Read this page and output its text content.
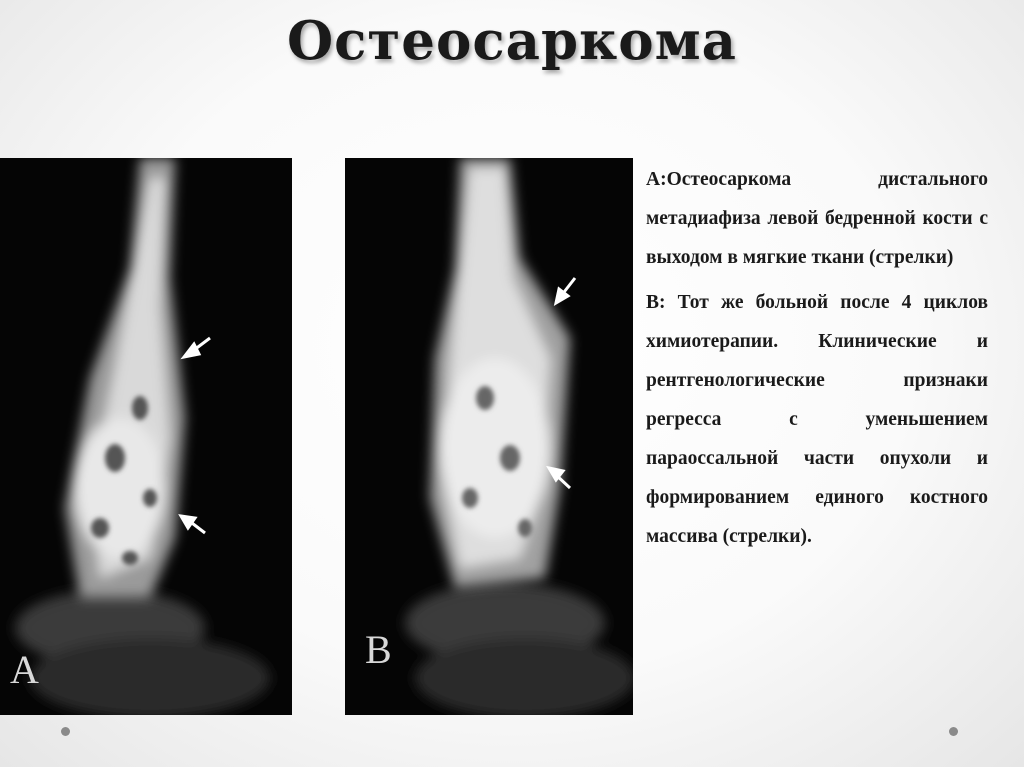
Остеосаркома
A	B

A:Остеосаркома дистального метадиафиза левой бедренной кости с выходом в мягкие ткани (стрелки)

B: Тот же больной после 4 циклов химиотерапии. Клинические и рентгенологические признаки регресса с уменьшением параоссальной части опухоли и формированием единого костного массива (стрелки).
